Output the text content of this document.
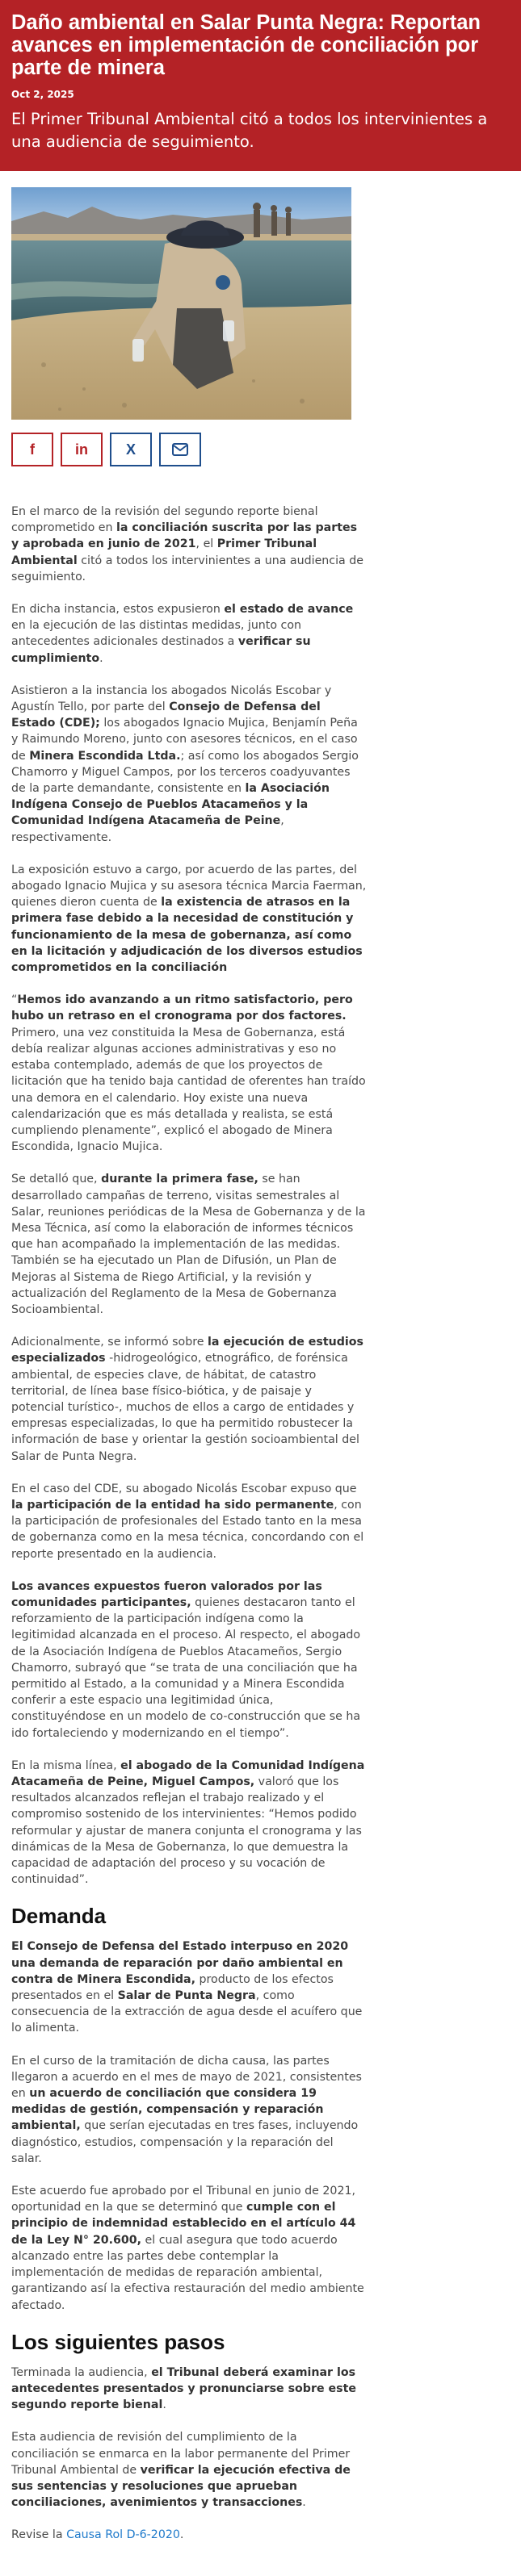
Daño ambiental en Salar Punta Negra: Reportan avances en implementación de conciliación por parte de minera
Oct 2, 2025
El Primer Tribunal Ambiental citó a todos los intervinientes a una audiencia de seguimiento.
f	in	X

En el marco de la revisión del segundo reporte bienal comprometido en la conciliación suscrita por las partes y aprobada en junio de 2021, el Primer Tribunal Ambiental citó a todos los intervinientes a una audiencia de seguimiento.

En dicha instancia, estos expusieron el estado de avance en la ejecución de las distintas medidas, junto con antecedentes adicionales destinados a verificar su cumplimiento.

Asistieron a la instancia los abogados Nicolás Escobar y Agustín Tello, por parte del Consejo de Defensa del Estado (CDE); los abogados Ignacio Mujica, Benjamín Peña y Raimundo Moreno, junto con asesores técnicos, en el caso de Minera Escondida Ltda.; así como los abogados Sergio Chamorro y Miguel Campos, por los terceros coadyuvantes de la parte demandante, consistente en la Asociación Indígena Consejo de Pueblos Atacameños y la Comunidad Indígena Atacameña de Peine, respectivamente.

La exposición estuvo a cargo, por acuerdo de las partes, del abogado Ignacio Mujica y su asesora técnica Marcia Faerman, quienes dieron cuenta de la existencia de atrasos en la primera fase debido a la necesidad de constitución y funcionamiento de la mesa de gobernanza, así como en la licitación y adjudicación de los diversos estudios comprometidos en la conciliación

“Hemos ido avanzando a un ritmo satisfactorio, pero hubo un retraso en el cronograma por dos factores. Primero, una vez constituida la Mesa de Gobernanza, está debía realizar algunas acciones administrativas y eso no estaba contemplado, además de que los proyectos de licitación que ha tenido baja cantidad de oferentes han traído una demora en el calendario. Hoy existe una nueva calendarización que es más detallada y realista, se está cumpliendo plenamente”, explicó el abogado de Minera Escondida, Ignacio Mujica.

Se detalló que, durante la primera fase, se han desarrollado campañas de terreno, visitas semestrales al Salar, reuniones periódicas de la Mesa de Gobernanza y de la Mesa Técnica, así como la elaboración de informes técnicos que han acompañado la implementación de las medidas. También se ha ejecutado un Plan de Difusión, un Plan de Mejoras al Sistema de Riego Artificial, y la revisión y actualización del Reglamento de la Mesa de Gobernanza Socioambiental.

Adicionalmente, se informó sobre la ejecución de estudios especializados -hidrogeológico, etnográfico, de forénsica ambiental, de especies clave, de hábitat, de catastro territorial, de línea base físico-biótica, y de paisaje y potencial turístico-, muchos de ellos a cargo de entidades y empresas especializadas, lo que ha permitido robustecer la información de base y orientar la gestión socioambiental del Salar de Punta Negra.

En el caso del CDE, su abogado Nicolás Escobar expuso que la participación de la entidad ha sido permanente, con la participación de profesionales del Estado tanto en la mesa de gobernanza como en la mesa técnica, concordando con el reporte presentado en la audiencia.

Los avances expuestos fueron valorados por las comunidades participantes, quienes destacaron tanto el reforzamiento de la participación indígena como la legitimidad alcanzada en el proceso. Al respecto, el abogado de la Asociación Indígena de Pueblos Atacameños, Sergio Chamorro, subrayó que “se trata de una conciliación que ha permitido al Estado, a la comunidad y a Minera Escondida conferir a este espacio una legitimidad única, constituyéndose en un modelo de co-construcción que se ha ido fortaleciendo y modernizando en el tiempo”.

En la misma línea, el abogado de la Comunidad Indígena Atacameña de Peine, Miguel Campos, valoró que los resultados alcanzados reflejan el trabajo realizado y el compromiso sostenido de los intervinientes: “Hemos podido reformular y ajustar de manera conjunta el cronograma y las dinámicas de la Mesa de Gobernanza, lo que demuestra la capacidad de adaptación del proceso y su vocación de continuidad”.

Demanda

El Consejo de Defensa del Estado interpuso en 2020 una demanda de reparación por daño ambiental en contra de Minera Escondida, producto de los efectos presentados en el Salar de Punta Negra, como consecuencia de la extracción de agua desde el acuífero que lo alimenta.

En el curso de la tramitación de dicha causa, las partes llegaron a acuerdo en el mes de mayo de 2021, consistentes en un acuerdo de conciliación que considera 19 medidas de gestión, compensación y reparación ambiental, que serían ejecutadas en tres fases, incluyendo diagnóstico, estudios, compensación y la reparación del salar.

Este acuerdo fue aprobado por el Tribunal en junio de 2021, oportunidad en la que se determinó que cumple con el principio de indemnidad establecido en el artículo 44 de la Ley N° 20.600, el cual asegura que todo acuerdo alcanzado entre las partes debe contemplar la implementación de medidas de reparación ambiental, garantizando así la efectiva restauración del medio ambiente afectado.

Los siguientes pasos

Terminada la audiencia, el Tribunal deberá examinar los antecedentes presentados y pronunciarse sobre este segundo reporte bienal.

Esta audiencia de revisión del cumplimiento de la conciliación se enmarca en la labor permanente del Primer Tribunal Ambiental de verificar la ejecución efectiva de sus sentencias y resoluciones que aprueban conciliaciones, avenimientos y transacciones.

Revise la Causa Rol D-6-2020.
